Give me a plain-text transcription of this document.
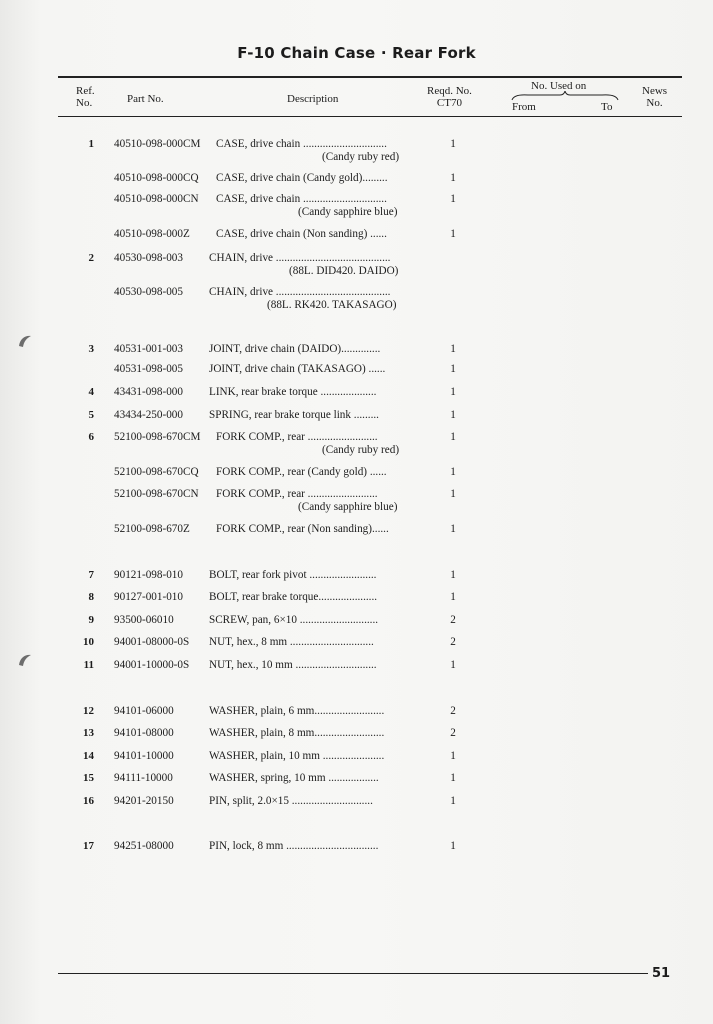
F-10 Chain Case · Rear Fork
Ref.
No.	Part No.	Description
Reqd. No.
CT70
No. Used on
From	To
News
No.
1 40510-098-000CM CASE, drive chain ..............................	1
(Candy ruby red)
40510-098-000CQ CASE, drive chain (Candy gold).........	1
40510-098-000CN CASE, drive chain ..............................	1
(Candy sapphire blue)
40510-098-000Z CASE, drive chain (Non sanding) ......	1
2 40530-098-003 CHAIN, drive .........................................
(88L. DID420. DAIDO)
40530-098-005 CHAIN, drive .........................................
(88L. RK420. TAKASAGO)
3 40531-001-003 JOINT, drive chain (DAIDO)..............	1
40531-098-005 JOINT, drive chain (TAKASAGO) ......	1
4 43431-098-000 LINK, rear brake torque ....................	1
5 43434-250-000 SPRING, rear brake torque link .........	1
6 52100-098-670CM FORK COMP., rear .........................	1
(Candy ruby red)
52100-098-670CQ FORK COMP., rear (Candy gold) ......	1
52100-098-670CN FORK COMP., rear .........................	1
(Candy sapphire blue)
52100-098-670Z FORK COMP., rear (Non sanding)......	1
7 90121-098-010 BOLT, rear fork pivot ........................	1
8 90127-001-010 BOLT, rear brake torque.....................	1
9 93500-06010	SCREW, pan, 6×10 ............................	2
10 94001-08000-0S NUT, hex., 8 mm ..............................	2
11 94001-10000-0S NUT, hex., 10 mm .............................	1
12 94101-06000	WASHER, plain, 6 mm.........................	2
13 94101-08000	WASHER, plain, 8 mm.........................	2
14 94101-10000	WASHER, plain, 10 mm ......................	1
15 94111-10000	WASHER, spring, 10 mm ..................	1
16 94201-20150	PIN, split, 2.0×15 .............................	1
17 94251-08000	PIN, lock, 8 mm .................................	1
51
